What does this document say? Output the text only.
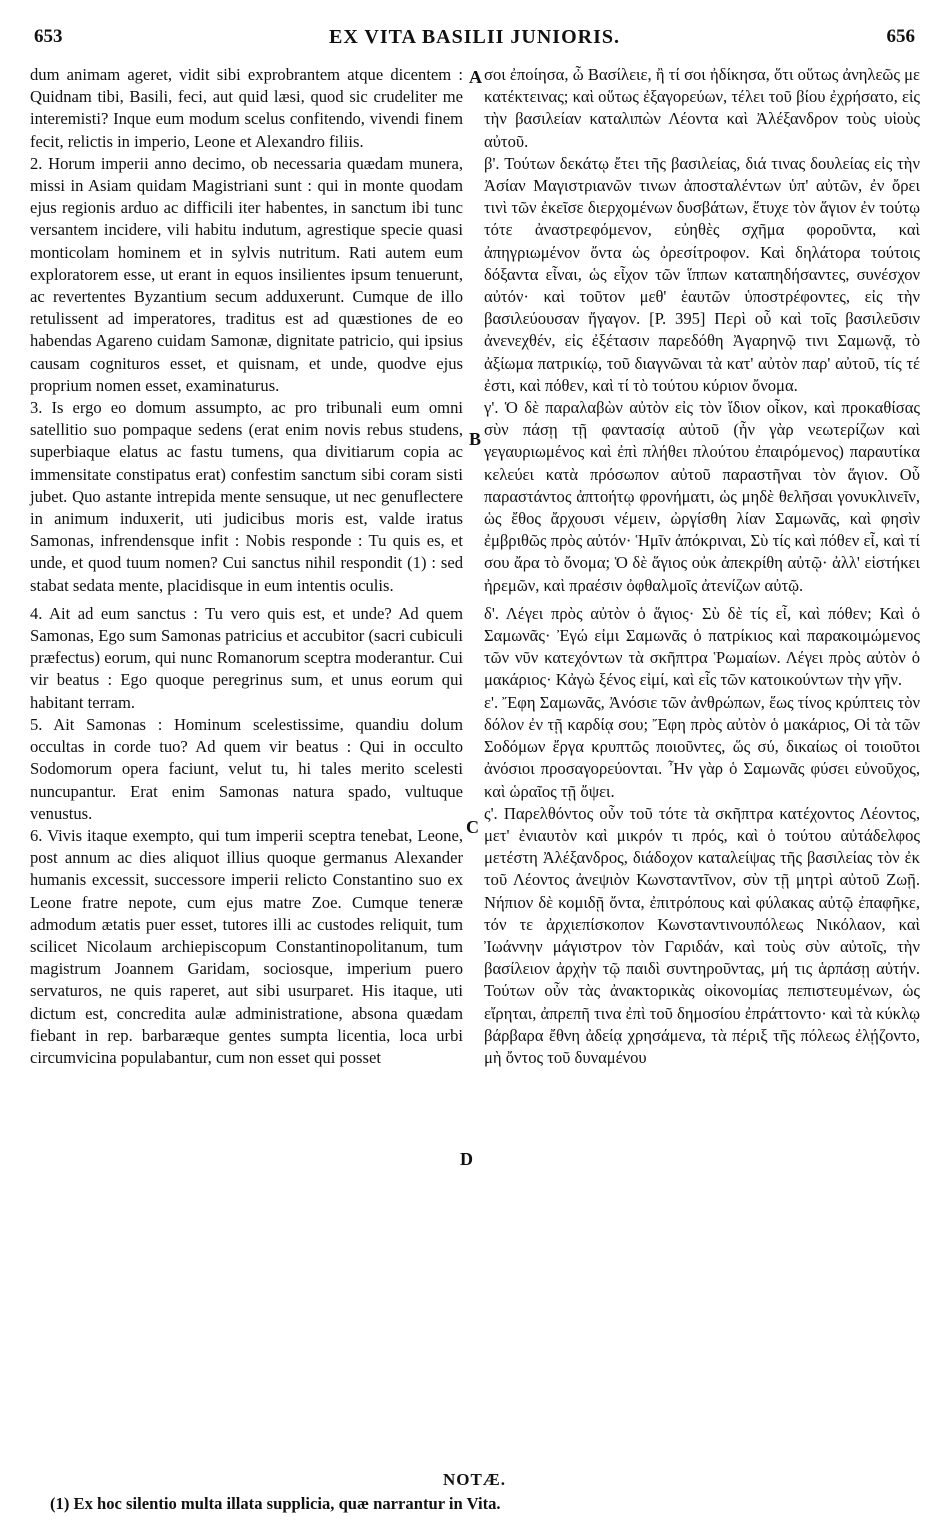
653	EX VITA BASILII JUNIORIS.	656

dum animam ageret, vidit sibi exprobrantem atque dicentem : Quidnam tibi, Basili, feci, aut quid læsi, quod sic crudeliter me interemisti? Inque eum modum scelus confitendo, vivendi finem fecit, relictis in imperio, Leone et Alexandro filiis.

2. Horum imperii anno decimo, ob necessaria quædam munera, missi in Asiam quidam Magistriani sunt : qui in monte quodam ejus regionis arduo ac difficili iter habentes, in sanctum ibi tunc versantem incidere, vili habitu indutum, agrestique specie quasi monticolam hominem et in sylvis nutritum. Rati autem eum exploratorem esse, ut erant in equos insilientes ipsum tenuerunt, ac revertentes Byzantium secum adduxerunt. Cumque de illo retulissent ad imperatores, traditus est ad quæstiones de eo habendas Agareno cuidam Samonæ, dignitate patricio, qui ipsius causam cognituros esset, et quisnam, et unde, quodve ejus proprium nomen esset, examinaturus.

3. Is ergo eo domum assumpto, ac pro tribunali eum omni satellitio suo pompaque sedens (erat enim novis rebus studens, superbiaque elatus ac fastu tumens, qua divitiarum copia ac immensitate constipatus erat) confestim sanctum sibi coram sisti jubet. Quo astante intrepida mente sensuque, ut nec genuflectere in animum induxerit, uti judicibus moris est, valde iratus Samonas, infrendensque infit : Nobis responde : Tu quis es, et unde, et quod tuum nomen? Cui sanctus nihil respondit (1) : sed stabat sedata mente, placidisque in eum intentis oculis.

4. Ait ad eum sanctus : Tu vero quis est, et unde? Ad quem Samonas, Ego sum Samonas patricius et accubitor (sacri cubiculi præfectus) eorum, qui nunc Romanorum sceptra moderantur. Cui vir beatus : Ego quoque peregrinus sum, et unus eorum qui habitant terram.

5. Ait Samonas : Hominum scelestissime, quandiu dolum occultas in corde tuo? Ad quem vir beatus : Qui in occulto Sodomorum opera faciunt, velut tu, hi tales merito scelesti nuncupantur. Erat enim Samonas natura spado, vultuque venustus.

6. Vivis itaque exempto, qui tum imperii sceptra tenebat, Leone, post annum ac dies aliquot illius quoque germanus Alexander humanis excessit, successore imperii relicto Constantino suo ex Leone fratre nepote, cum ejus matre Zoe. Cumque teneræ admodum ætatis puer esset, tutores illi ac custodes reliquit, tum scilicet Nicolaum archiepiscopum Constantinopolitanum, tum magistrum Joannem Garidam, sociosque, imperium puero servaturos, ne quis raperet, aut sibi usurparet. His itaque, uti dictum est, concredita aulæ administratione, absona quædam fiebant in rep. barbaræque gentes sumpta licentia, loca urbi circumvicina populabantur, cum non esset qui posset

σοι ἐποίησα, ὦ Βασίλειε, ἢ τί σοι ἠδίκησα, ὅτι οὕτως ἀνηλεῶς με κατέκτεινας; καὶ οὕτως ἐξαγορεύων, τέλει τοῦ βίου ἐχρήσατο, εἰς τὴν βασιλείαν καταλιπὼν Λέοντα καὶ Ἀλέξανδρον τοὺς υἱοὺς αὐτοῦ.

β'. Τούτων δεκάτῳ ἔτει τῆς βασιλείας, διά τινας δουλείας εἰς τὴν Ἀσίαν Μαγιστριανῶν τινων ἀποσταλέντων ὑπ' αὐτῶν, ἐν ὄρει τινὶ τῶν ἐκεῖσε διερχομένων δυσβάτων, ἔτυχε τὸν ἅγιον ἐν τούτῳ τότε ἀναστρεφόμενον, εὐηθὲς σχῆμα φοροῦντα, καὶ ἀπηγριωμένον ὄντα ὡς ὀρεσίτροφον. Καὶ δηλάτορα τούτοις δόξαντα εἶναι, ὡς εἶχον τῶν ἵππων καταπηδήσαντες, συνέσχον αὐτόν· καὶ τοῦτον μεθ' ἑαυτῶν ὑποστρέφοντες, εἰς τὴν βασιλεύουσαν ἤγαγον. [P. 395] Περὶ οὗ καὶ τοῖς βασιλεῦσιν ἀνενεχθέν, εἰς ἐξέτασιν παρεδόθη Ἀγαρηνῷ τινι Σαμωνᾷ, τὸ ἀξίωμα πατρικίῳ, τοῦ διαγνῶναι τὰ κατ' αὐτὸν παρ' αὐτοῦ, τίς τέ ἐστι, καὶ πόθεν, καὶ τί τὸ τούτου κύριον ὄνομα.

γ'. Ὁ δὲ παραλαβὼν αὐτὸν εἰς τὸν ἴδιον οἶκον, καὶ προκαθίσας σὺν πάσῃ τῇ φαντασίᾳ αὐτοῦ (ἦν γὰρ νεωτερίζων καὶ γεγαυριωμένος καὶ ἐπὶ πλήθει πλούτου ἐπαιρόμενος) παραυτίκα κελεύει κατὰ πρόσωπον αὐτοῦ παραστῆναι τὸν ἅγιον. Οὗ παραστάντος ἀπτοήτῳ φρονήματι, ὡς μηδὲ θελῆσαι γονυκλινεῖν, ὡς ἔθος ἄρχουσι νέμειν, ὠργίσθη λίαν Σαμωνᾶς, καὶ φησὶν ἐμβριθῶς πρὸς αὐτόν· Ἡμῖν ἀπόκριναι, Σὺ τίς καὶ πόθεν εἶ, καὶ τί σου ἄρα τὸ ὄνομα; Ὁ δὲ ἅγιος οὐκ ἀπεκρίθη αὐτῷ· ἀλλ' εἱστήκει ἠρεμῶν, καὶ πραέσιν ὀφθαλμοῖς ἀτενίζων αὐτῷ.

δ'. Λέγει πρὸς αὐτὸν ὁ ἅγιος· Σὺ δὲ τίς εἶ, καὶ πόθεν; Καὶ ὁ Σαμωνᾶς· Ἐγώ εἰμι Σαμωνᾶς ὁ πατρίκιος καὶ παρακοιμώμενος τῶν νῦν κατεχόντων τὰ σκῆπτρα Ῥωμαίων. Λέγει πρὸς αὐτὸν ὁ μακάριος· Κἀγὼ ξένος εἰμί, καὶ εἷς τῶν κατοικούντων τὴν γῆν.

ε'. Ἔφη Σαμωνᾶς, Ἀνόσιε τῶν ἀνθρώπων, ἕως τίνος κρύπτεις τὸν δόλον ἐν τῇ καρδίᾳ σου; Ἔφη πρὸς αὐτὸν ὁ μακάριος, Οἱ τὰ τῶν Σοδόμων ἔργα κρυπτῶς ποιοῦντες, ὥς σύ, δικαίως οἱ τοιοῦτοι ἀνόσιοι προσαγορεύονται. Ἦν γὰρ ὁ Σαμωνᾶς φύσει εὐνοῦχος, καὶ ὡραῖος τῇ ὄψει.

ς'. Παρελθόντος οὖν τοῦ τότε τὰ σκῆπτρα κατέχοντος Λέοντος, μετ' ἐνιαυτὸν καὶ μικρόν τι πρός, καὶ ὁ τούτου αὐτάδελφος μετέστη Ἀλέξανδρος, διάδοχον καταλείψας τῆς βασιλείας τὸν ἐκ τοῦ Λέοντος ἀνεψιὸν Κωνσταντῖνον, σὺν τῇ μητρὶ αὐτοῦ Ζωῇ. Νήπιον δὲ κομιδῇ ὄντα, ἐπιτρόπους καὶ φύλακας αὐτῷ ἐπαφῆκε, τόν τε ἀρχιεπίσκοπον Κωνσταντινουπόλεως Νικόλαον, καὶ Ἰωάννην μάγιστρον τὸν Γαριδάν, καὶ τοὺς σὺν αὐτοῖς, τὴν βασίλειον ἀρχὴν τῷ παιδὶ συντηροῦντας, μή τις ἁρπάσῃ αὐτήν. Τούτων οὖν τὰς ἀνακτορικὰς οἰκονομίας πεπιστευμένων, ὡς εἴρηται, ἀπρεπῆ τινα ἐπὶ τοῦ δημοσίου ἐπράττοντο· καὶ τὰ κύκλῳ βάρβαρα ἔθνη ἀδείᾳ χρησάμενα, τὰ πέριξ τῆς πόλεως ἐλῄζοντο, μὴ ὄντος τοῦ δυναμένου

A
B
C
D
NOTÆ.
(1) Ex hoc silentio multa illata supplicia, quæ narrantur in Vita.
